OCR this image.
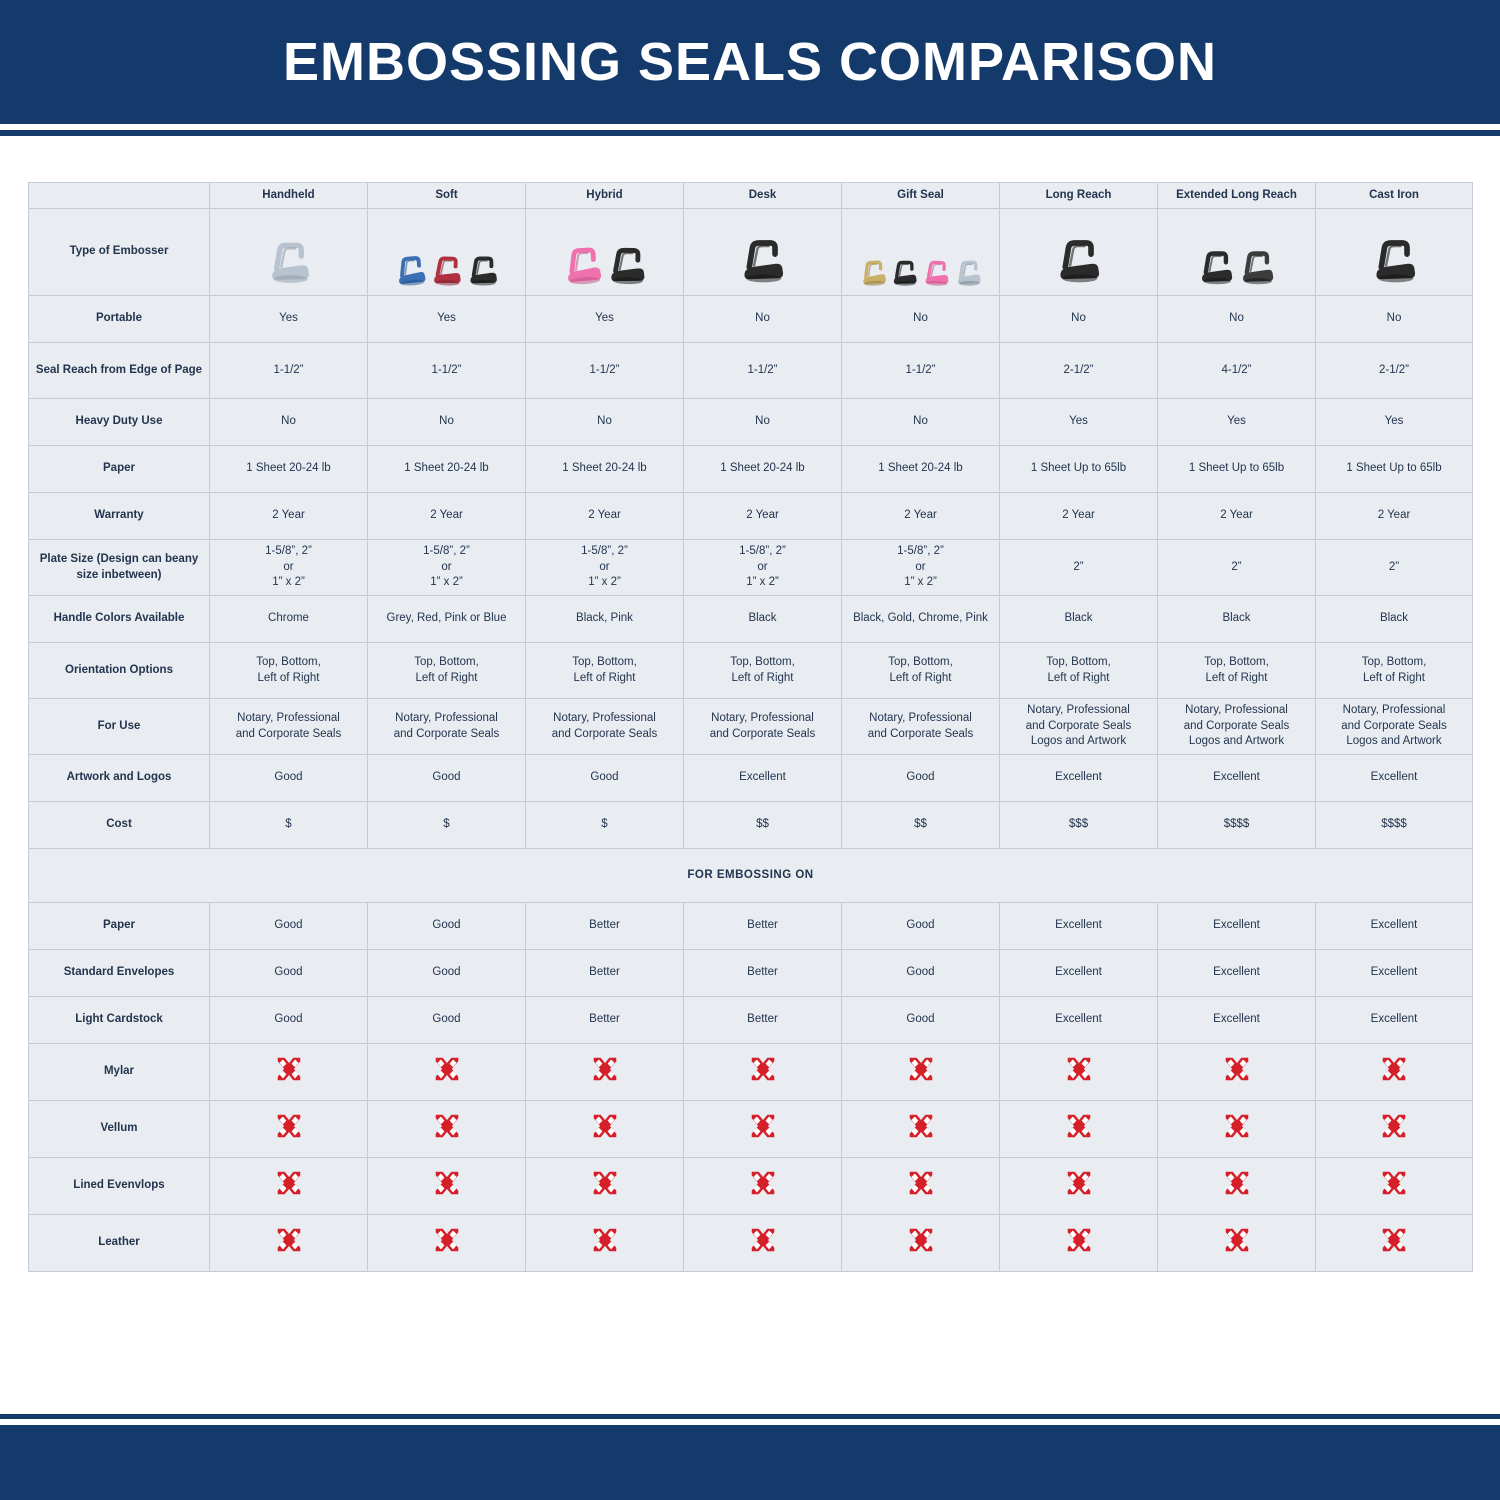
EMBOSSING SEALS COMPARISON
	Handheld	Soft	Hybrid	Desk	Gift Seal	Long Reach	Extended Long Reach	Cast Iron
Type of Embosser	

Portable	Yes	Yes	Yes	No	No	No	No	No
Seal Reach from Edge of Page	1-1/2”	1-1/2”	1-1/2”	1-1/2”	1-1/2”	2-1/2”	4-1/2”	2-1/2”
Heavy Duty Use	No	No	No	No	No	Yes	Yes	Yes
Paper	1 Sheet 20-24 lb	1 Sheet 20-24 lb	1 Sheet 20-24 lb	1 Sheet 20-24 lb	1 Sheet 20-24 lb	1 Sheet Up to 65lb	1 Sheet Up to 65lb	1 Sheet Up to 65lb
Warranty	2 Year	2 Year	2 Year	2 Year	2 Year	2 Year	2 Year	2 Year
Plate Size (Design can beany size inbetween)	1-5/8”, 2”
or
1” x 2”	1-5/8”, 2”
or
1” x 2”	1-5/8”, 2”
or
1” x 2”	1-5/8”, 2”
or
1” x 2”	1-5/8”, 2”
or
1” x 2”	2”	2”	2”
Handle Colors Available	Chrome	Grey, Red, Pink or Blue	Black, Pink	Black	Black, Gold, Chrome, Pink	Black	Black	Black
Orientation Options	Top, Bottom,
Left of Right	Top, Bottom,
Left of Right	Top, Bottom,
Left of Right	Top, Bottom,
Left of Right	Top, Bottom,
Left of Right	Top, Bottom,
Left of Right	Top, Bottom,
Left of Right	Top, Bottom,
Left of Right
For Use	Notary, Professional
and Corporate Seals	Notary, Professional
and Corporate Seals	Notary, Professional
and Corporate Seals	Notary, Professional
and Corporate Seals	Notary, Professional
and Corporate Seals	Notary, Professional
and Corporate Seals
Logos and Artwork	Notary, Professional
and Corporate Seals
Logos and Artwork	Notary, Professional
and Corporate Seals
Logos and Artwork
Artwork and Logos	Good	Good	Good	Excellent	Good	Excellent	Excellent	Excellent
Cost	$	$	$	$$	$$	$$$	$$$$	$$$$
FOR EMBOSSING ON								
Paper	Good	Good	Better	Better	Good	Excellent	Excellent	Excellent
Standard Envelopes	Good	Good	Better	Better	Good	Excellent	Excellent	Excellent
Light Cardstock	Good	Good	Better	Better	Good	Excellent	Excellent	Excellent
Mylar	

Vellum	

Lined Evenvlops	

Leather	
